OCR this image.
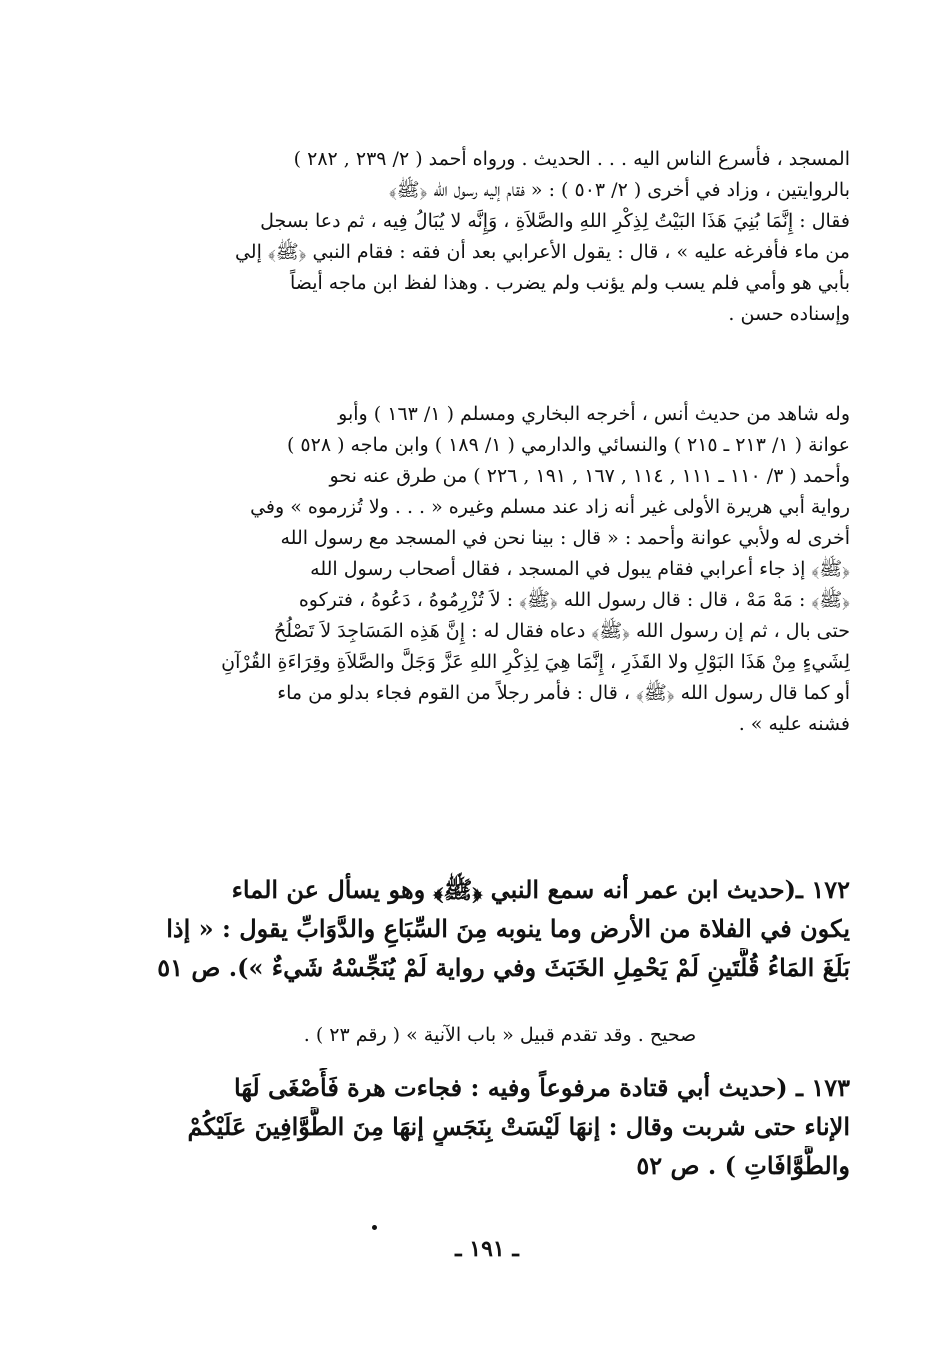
المسجد ، فأسرع الناس اليه . . . الحديث . ورواه أحمد ( ٢/ ٢٣٩ , ٢٨٢ )
بالروايتين ، وزاد في أخرى ( ٢/ ٥٠٣ ) : « فقام إليه رسول الله ﴿ﷺ﴾
فقال : إِنَّمَا بُنِيَ هَذَا البَيْتُ لِذِكْرِ اللهِ والصَّلاَةِ ، وَإِنَّه لا يُبَالُ فِيه ، ثم دعا بسجل
من ماء فأفرغه عليه » ، قال : يقول الأعرابي بعد أن فقه : فقام النبي ﴿ﷺ﴾ إلي
بأبي هو وأمي فلم يسب ولم يؤنب ولم يضرب . وهذا لفظ ابن ماجه أيضاً
وإسناده حسن .
وله شاهد من حديث أنس ، أخرجه البخاري ومسلم ( ١/ ١٦٣ ) وأبو
عوانة ( ١/ ٢١٣ ـ ٢١٥ ) والنسائي والدارمي ( ١/ ١٨٩ ) وابن ماجه ( ٥٢٨ )
وأحمد ( ٣/ ١١٠ ـ ١١١ , ١١٤ , ١٦٧ , ١٩١ , ٢٢٦ ) من طرق عنه نحو
رواية أبي هريرة الأولى غير أنه زاد عند مسلم وغيره « . . . ولا تُزرموه » وفي
أخرى له ولأبي عوانة وأحمد : « قال : بينا نحن في المسجد مع رسول الله
﴿ﷺ﴾ إذ جاء أعرابي فقام يبول في المسجد ، فقال أصحاب رسول الله
﴿ﷺ﴾ : مَهْ مَهْ ، قال : قال رسول الله ﴿ﷺ﴾ : لاَ تُزْرِمُوهُ ، دَعُوهُ ، فتركوه
حتى بال ، ثم إن رسول الله ﴿ﷺ﴾ دعاه فقال له : إِنَّ هَذِه المَسَاجِدَ لاَ تَصْلُحُ
لِشَيءٍ مِنْ هَذَا البَوْلِ ولا القَذَرِ ، إِنَّمَا هِيَ لِذِكْرِ اللهِ عَزَّ وَجَلَّ والصَّلاَةِ وقِرَاءَةِ القُرْآنِ
أو كما قال رسول الله ﴿ﷺ﴾ ، قال : فأمر رجلاً من القوم فجاء بدلو من ماء
فشنه عليه » .
١٧٢ ـ(حديث ابن عمر أنه سمع النبي ﴿ﷺ﴾ وهو يسأل عن الماء
يكون في الفلاة من الأرض وما ينوبه مِنَ السِّبَاعِ والدَّوَابِّ يقول : « إذا
بَلَغَ المَاءُ قُلَّتَينِ لَمْ يَحْمِلِ الخَبَثَ وفي رواية لَمْ يُنَجِّسْهُ شَيءٌ »). ص ٥١
صحيح . وقد تقدم قبيل « باب الآنية » ( رقم ٢٣ ) .
١٧٣ ـ (حديث أبي قتادة مرفوعاً وفيه : فجاءت هرة فَأَصْغَى لَهَا
الإناء حتى شربت وقال : إنهَا لَيْسَتْ بِنَجَسٍ إنهَا مِنَ الطَّوَّافِينَ عَلَيْكُمْ
والطَّوَّافَاتِ ) . ص ٥٢
ـ ١٩١ ـ
